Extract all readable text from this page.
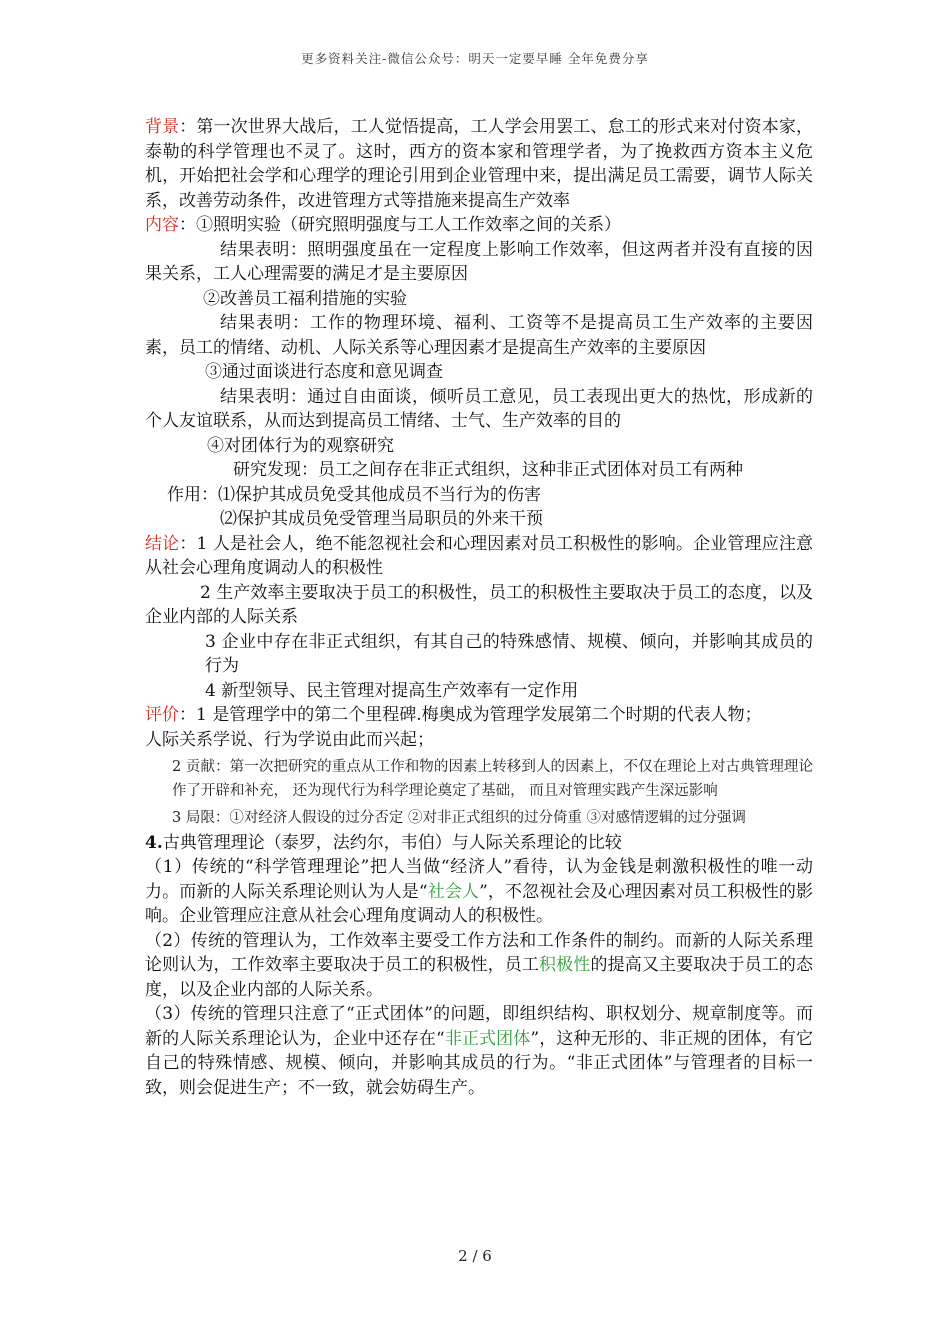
更多资料关注-微信公众号：明天一定要早睡 全年免费分享

背景：第一次世界大战后，工人觉悟提高，工人学会用罢工、怠工的形式来对付资本家，泰勒的科学管理也不灵了。这时，西方的资本家和管理学者，为了挽救西方资本主义危机，开始把社会学和心理学的理论引用到企业管理中来，提出满足员工需要，调节人际关系，改善劳动条件，改进管理方式等措施来提高生产效率

内容：①照明实验（研究照明强度与工人工作效率之间的关系）

结果表明：照明强度虽在一定程度上影响工作效率，但这两者并没有直接的因果关系，工人心理需要的满足才是主要原因

②改善员工福利措施的实验

结果表明：工作的物理环境、福利、工资等不是提高员工生产效率的主要因素，员工的情绪、动机、人际关系等心理因素才是提高生产效率的主要原因

③通过面谈进行态度和意见调查

结果表明：通过自由面谈，倾听员工意见，员工表现出更大的热忱，形成新的个人友谊联系，从而达到提高员工情绪、士气、生产效率的目的

④对团体行为的观察研究

研究发现：员工之间存在非正式组织，这种非正式团体对员工有两种

作用：⑴保护其成员免受其他成员不当行为的伤害

⑵保护其成员免受管理当局职员的外来干预

结论：1 人是社会人，绝不能忽视社会和心理因素对员工积极性的影响。企业管理应注意从社会心理角度调动人的积极性

2 生产效率主要取决于员工的积极性，员工的积极性主要取决于员工的态度，以及企业内部的人际关系

3 企业中存在非正式组织，有其自己的特殊感情、规模、倾向，并影响其成员的行为

4 新型领导、民主管理对提高生产效率有一定作用

评价：1 是管理学中的第二个里程碑.梅奥成为管理学发展第二个时期的代表人物；

人际关系学说、行为学说由此而兴起；

2 贡献：第一次把研究的重点从工作和物的因素上转移到人的因素上，不仅在理论上对古典管理理论作了开辟和补充， 还为现代行为科学理论奠定了基础， 而且对管理实践产生深远影响

3 局限：①对经济人假设的过分否定 ②对非正式组织的过分倚重 ③对感情逻辑的过分强调

4.古典管理理论（泰罗，法约尔，韦伯）与人际关系理论的比较

（1）传统的“科学管理理论”把人当做“经济人”看待，认为金钱是刺激积极性的唯一动力。而新的人际关系理论则认为人是“社会人”，不忽视社会及心理因素对员工积极性的影响。企业管理应注意从社会心理角度调动人的积极性。

（2）传统的管理认为，工作效率主要受工作方法和工作条件的制约。而新的人际关系理论则认为，工作效率主要取决于员工的积极性，员工积极性的提高又主要取决于员工的态度，以及企业内部的人际关系。

（3）传统的管理只注意了“正式团体”的问题，即组织结构、职权划分、规章制度等。而新的人际关系理论认为，企业中还存在“非正式团体”，这种无形的、非正规的团体，有它自己的特殊情感、规模、倾向，并影响其成员的行为。“非正式团体”与管理者的目标一致，则会促进生产；不一致，就会妨碍生产。

2 / 6
